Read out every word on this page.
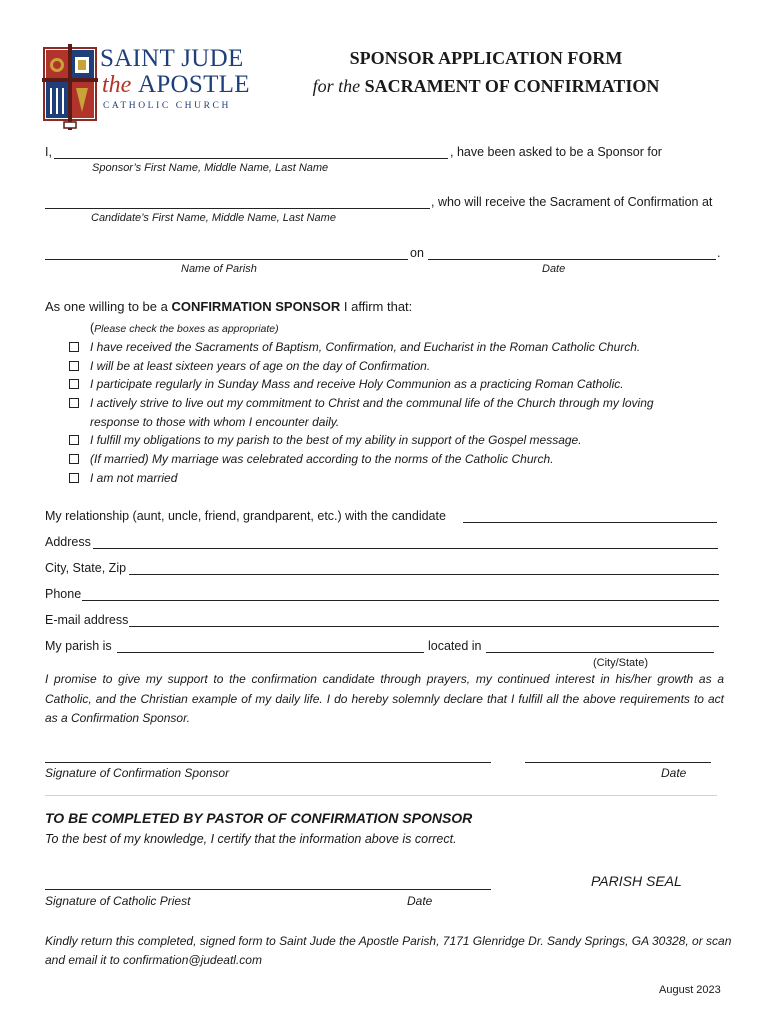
SAINT JUDE
the APOSTLE
CATHOLIC CHURCH
SPONSOR APPLICATION FORM
for the SACRAMENT OF CONFIRMATION
I,	, have been asked to be a Sponsor for
Sponsor’s First Name, Middle Name, Last Name
, who will receive the Sacrament of Confirmation at
Candidate’s First Name, Middle Name, Last Name
on	.
Name of Parish	Date
As one willing to be a CONFIRMATION SPONSOR I affirm that:
(Please check the boxes as appropriate)
I have received the Sacraments of Baptism, Confirmation, and Eucharist in the Roman Catholic Church.
I will be at least sixteen years of age on the day of Confirmation.
I participate regularly in Sunday Mass and receive Holy Communion as a practicing Roman Catholic.
I actively strive to live out my commitment to Christ and the communal life of the Church through my loving
response to those with whom I encounter daily.
I fulfill my obligations to my parish to the best of my ability in support of the Gospel message.
(If married) My marriage was celebrated according to the norms of the Catholic Church.
I am not married
My relationship (aunt, uncle, friend, grandparent, etc.) with the candidate
Address
City, State, Zip
Phone
E-mail address
My parish is	located in
(City/State)
I promise to give my support to the confirmation candidate through prayers, my continued interest in his/her growth as a Catholic, and the Christian example of my daily life. I do hereby solemnly declare that I fulfill all the above requirements to act as a Confirmation Sponsor.
Signature of Confirmation Sponsor	Date
TO BE COMPLETED BY PASTOR OF CONFIRMATION SPONSOR
To the best of my knowledge, I certify that the information above is correct.
PARISH SEAL
Signature of Catholic Priest	Date
Kindly return this completed, signed form to Saint Jude the Apostle Parish, 7171 Glenridge Dr. Sandy Springs, GA 30328, or scan and email it to confirmation@judeatl.com
August 2023
